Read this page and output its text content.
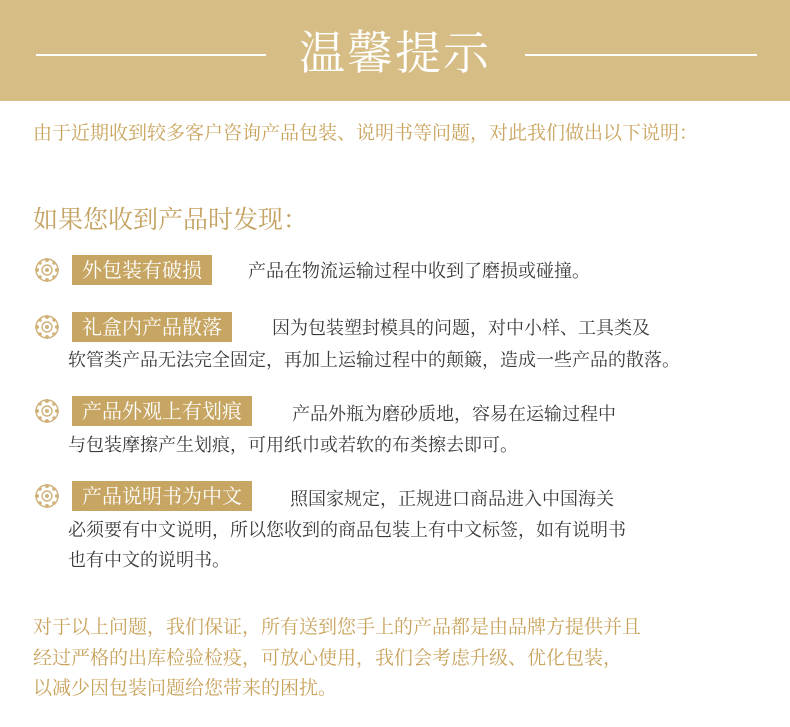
温馨提示
由于近期收到较多客户咨询产品包装、说明书等问题，对此我们做出以下说明：
如果您收到产品时发现：
外包装有破损	产品在物流运输过程中收到了磨损或碰撞。
礼盒内产品散落	因为包装塑封模具的问题，对中小样、工具类及
软管类产品无法完全固定，再加上运输过程中的颠簸，造成一些产品的散落。
产品外观上有划痕	产品外瓶为磨砂质地，容易在运输过程中
与包装摩擦产生划痕，可用纸巾或若软的布类擦去即可。
产品说明书为中文	照国家规定，正规进口商品进入中国海关
必须要有中文说明，所以您收到的商品包装上有中文标签，如有说明书
也有中文的说明书。
对于以上问题，我们保证，所有送到您手上的产品都是由品牌方提供并且
经过严格的出库检验检疫，可放心使用，我们会考虑升级、优化包装，
以减少因包装问题给您带来的困扰。
